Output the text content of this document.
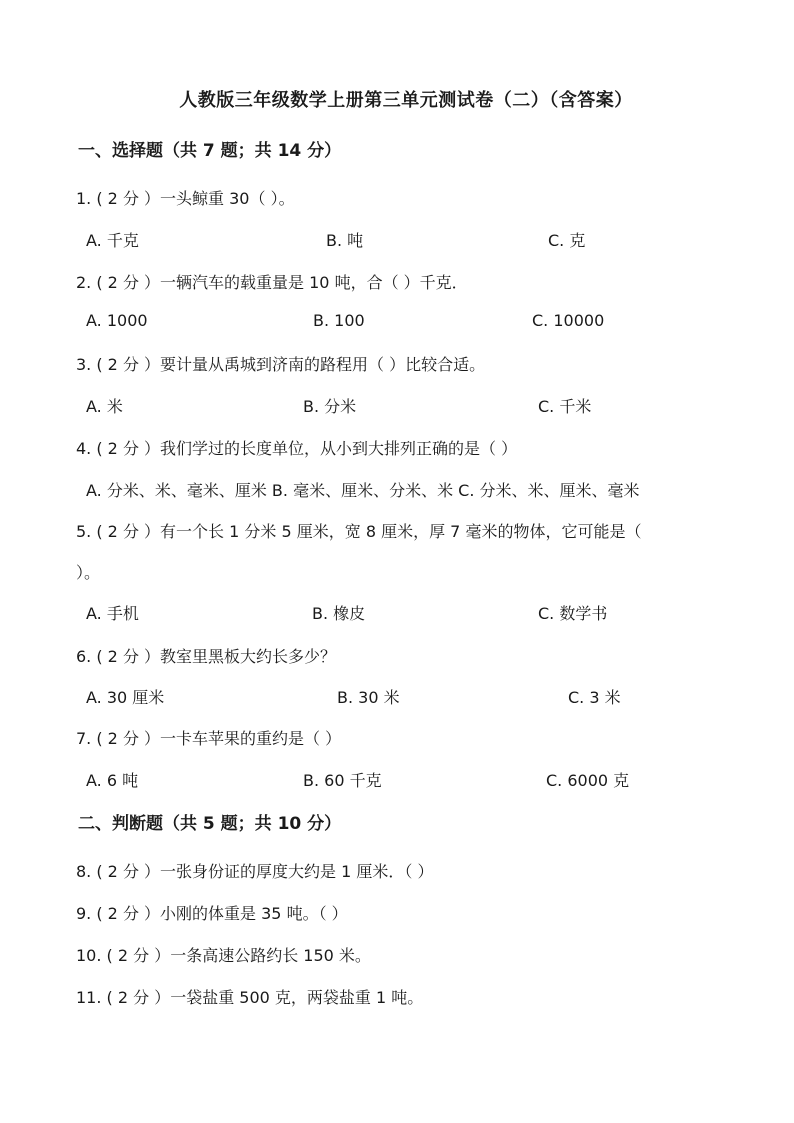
人教版三年级数学上册第三单元测试卷（二）（含答案）
一、选择题（共 7 题；共 14 分）
1. ( 2 分 ）一头鲸重 30（ ）。
A. 千克	B. 吨	C. 克
2. ( 2 分 ）一辆汽车的载重量是 10 吨，合（ ）千克．
A. 1000	B. 100	C. 10000
3. ( 2 分 ）要计量从禹城到济南的路程用（ ）比较合适。
A. 米	B. 分米	C. 千米
4. ( 2 分 ）我们学过的长度单位，从小到大排列正确的是（ ）
A. 分米、米、毫米、厘米 B. 毫米、厘米、分米、米 C. 分米、米、厘米、毫米
5. ( 2 分 ）有一个长 1 分米 5 厘米，宽 8 厘米，厚 7 毫米的物体，它可能是（
）。
A. 手机	B. 橡皮	C. 数学书
6. ( 2 分 ）教室里黑板大约长多少？
A. 30 厘米	B. 30 米	C. 3 米
7. ( 2 分 ）一卡车苹果的重约是（ ）
A. 6 吨	B. 60 千克	C. 6000 克
二、判断题（共 5 题；共 10 分）
8. ( 2 分 ）一张身份证的厚度大约是 1 厘米．（ ）
9. ( 2 分 ）小刚的体重是 35 吨。（ ）
10. ( 2 分 ）一条高速公路约长 150 米。
11. ( 2 分 ）一袋盐重 500 克，两袋盐重 1 吨。
